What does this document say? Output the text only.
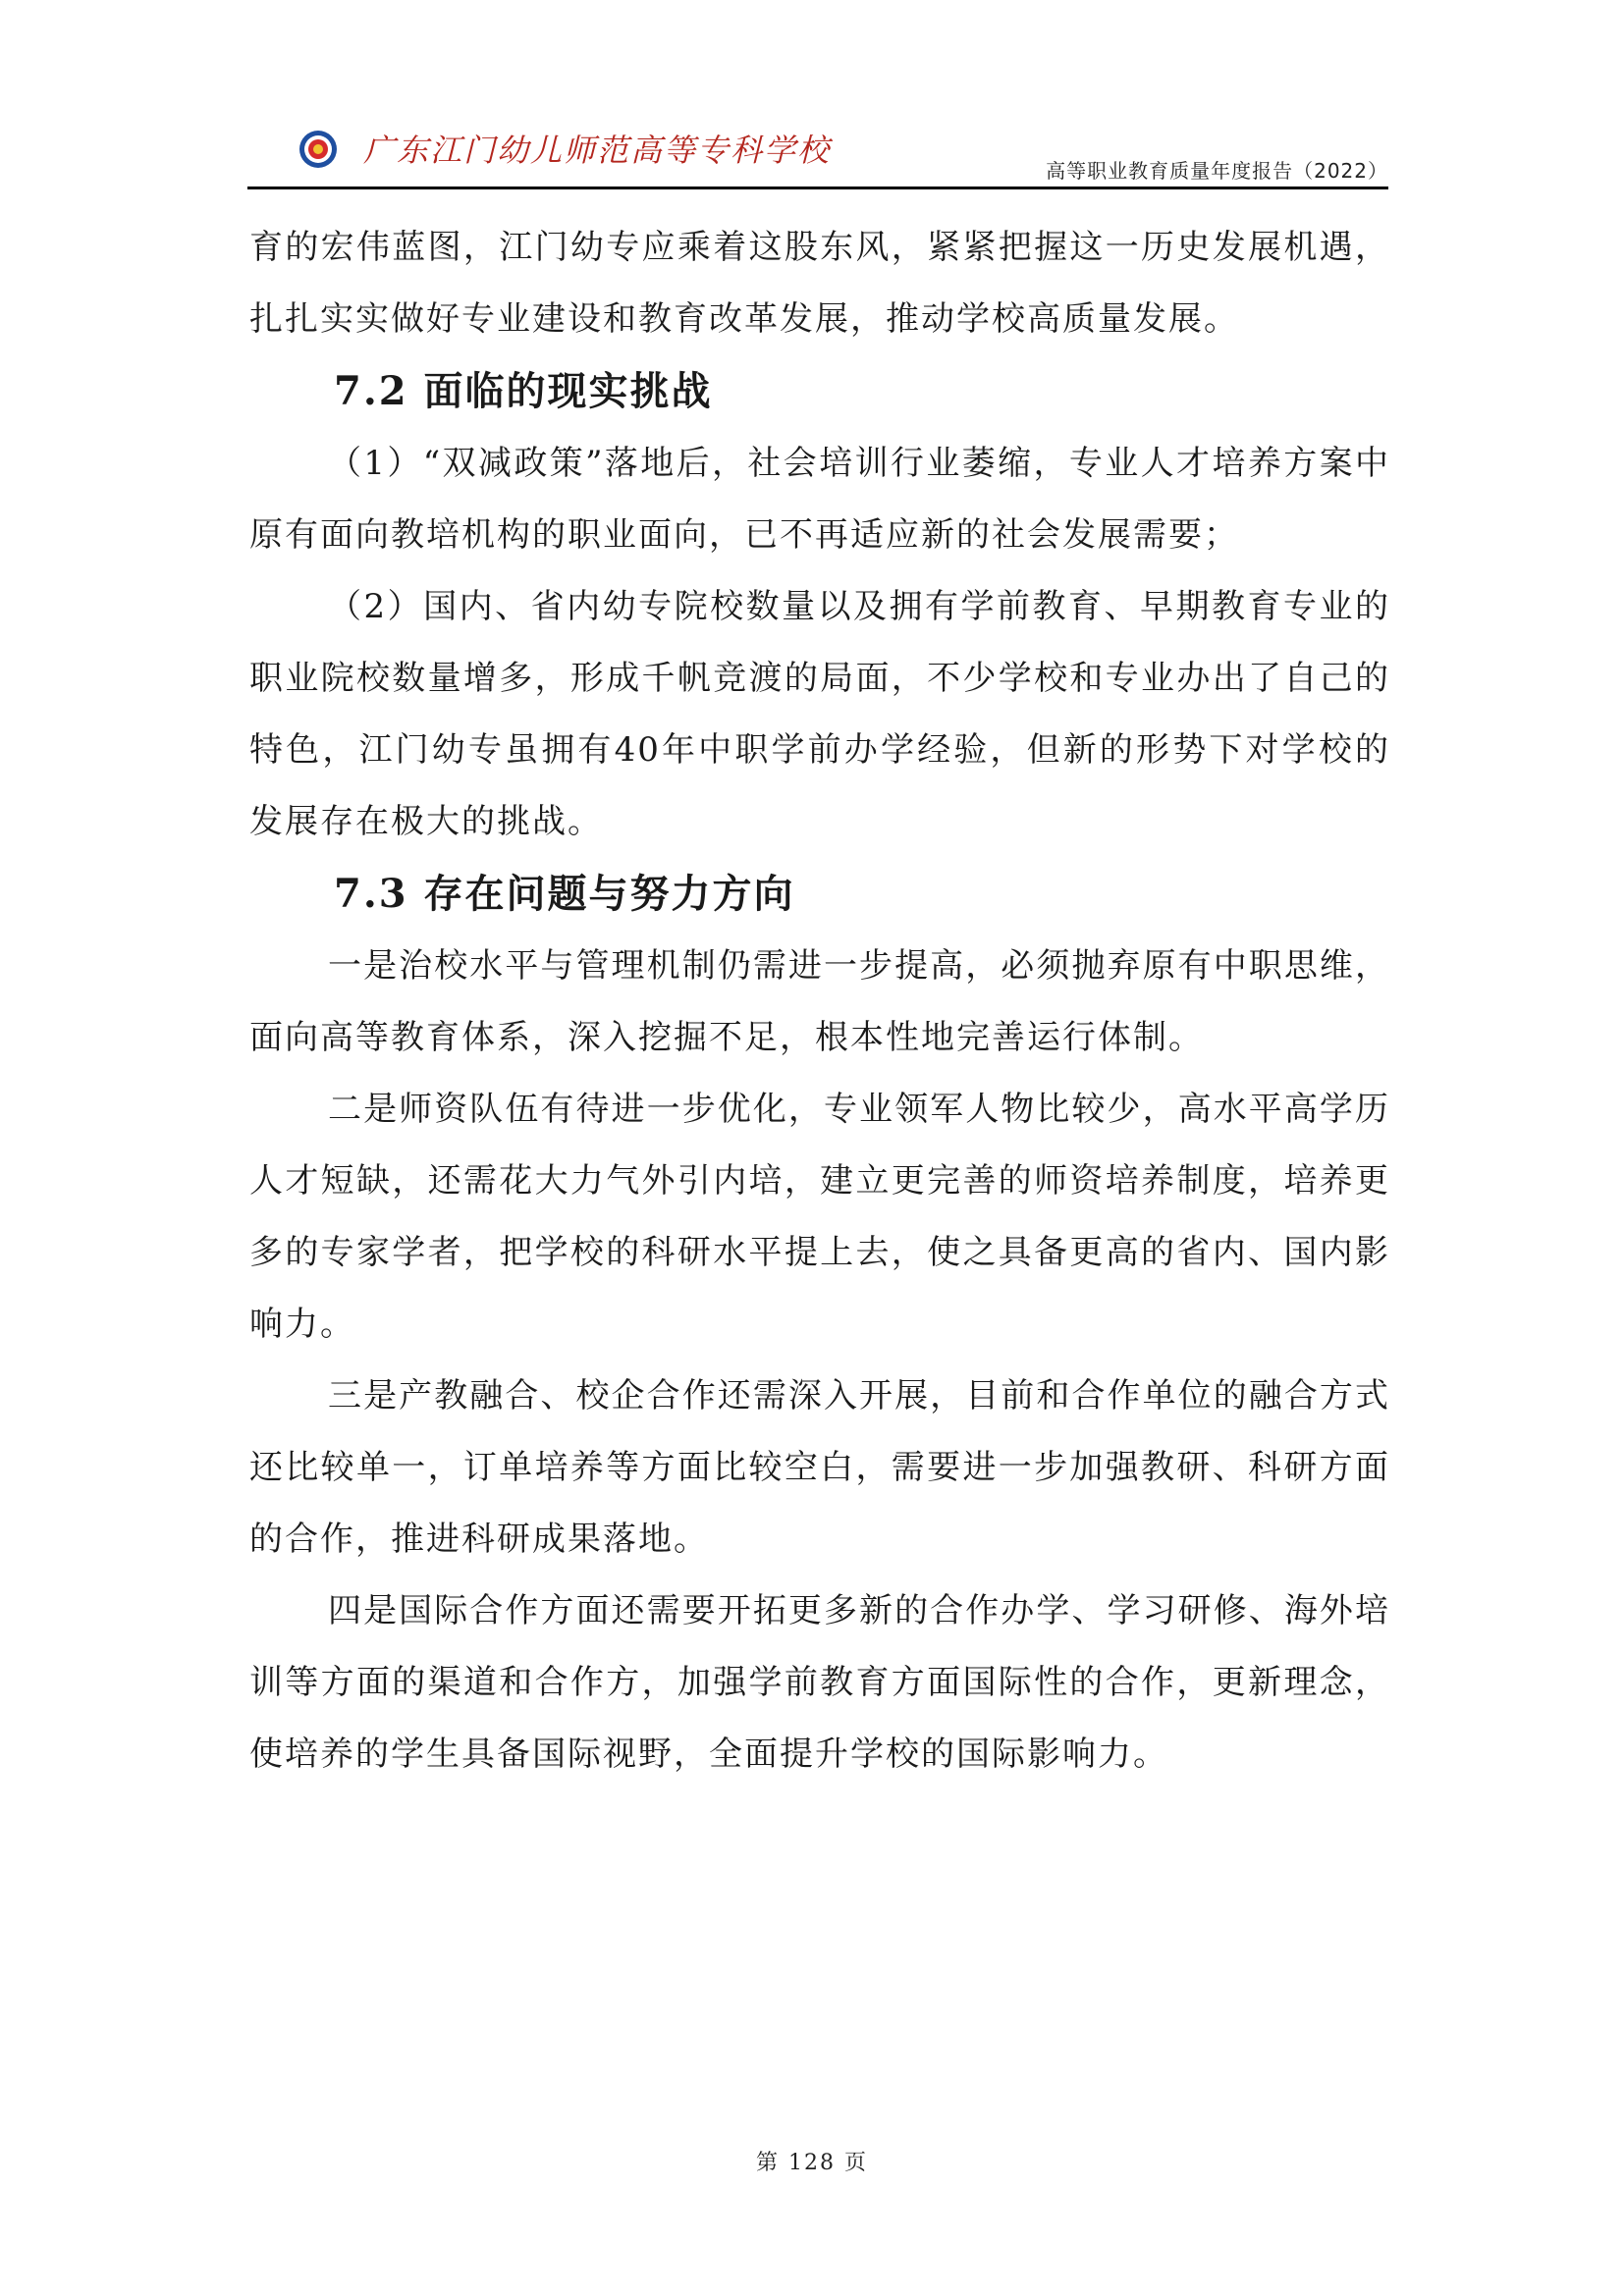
广东江门幼儿师范高等专科学校
高等职业教育质量年度报告（2022）

育的宏伟蓝图，江门幼专应乘着这股东风，紧紧把握这一历史发展机遇，扎扎实实做好专业建设和教育改革发展，推动学校高质量发展。

7.2 面临的现实挑战

（1）“双减政策”落地后，社会培训行业萎缩，专业人才培养方案中原有面向教培机构的职业面向，已不再适应新的社会发展需要；

（2）国内、省内幼专院校数量以及拥有学前教育、早期教育专业的职业院校数量增多，形成千帆竞渡的局面，不少学校和专业办出了自己的特色，江门幼专虽拥有40年中职学前办学经验，但新的形势下对学校的发展存在极大的挑战。

7.3 存在问题与努力方向

一是治校水平与管理机制仍需进一步提高，必须抛弃原有中职思维，面向高等教育体系，深入挖掘不足，根本性地完善运行体制。

二是师资队伍有待进一步优化，专业领军人物比较少，高水平高学历人才短缺，还需花大力气外引内培，建立更完善的师资培养制度，培养更多的专家学者，把学校的科研水平提上去，使之具备更高的省内、国内影响力。

三是产教融合、校企合作还需深入开展，目前和合作单位的融合方式还比较单一，订单培养等方面比较空白，需要进一步加强教研、科研方面的合作，推进科研成果落地。

四是国际合作方面还需要开拓更多新的合作办学、学习研修、海外培训等方面的渠道和合作方，加强学前教育方面国际性的合作，更新理念，使培养的学生具备国际视野，全面提升学校的国际影响力。

第 128 页
